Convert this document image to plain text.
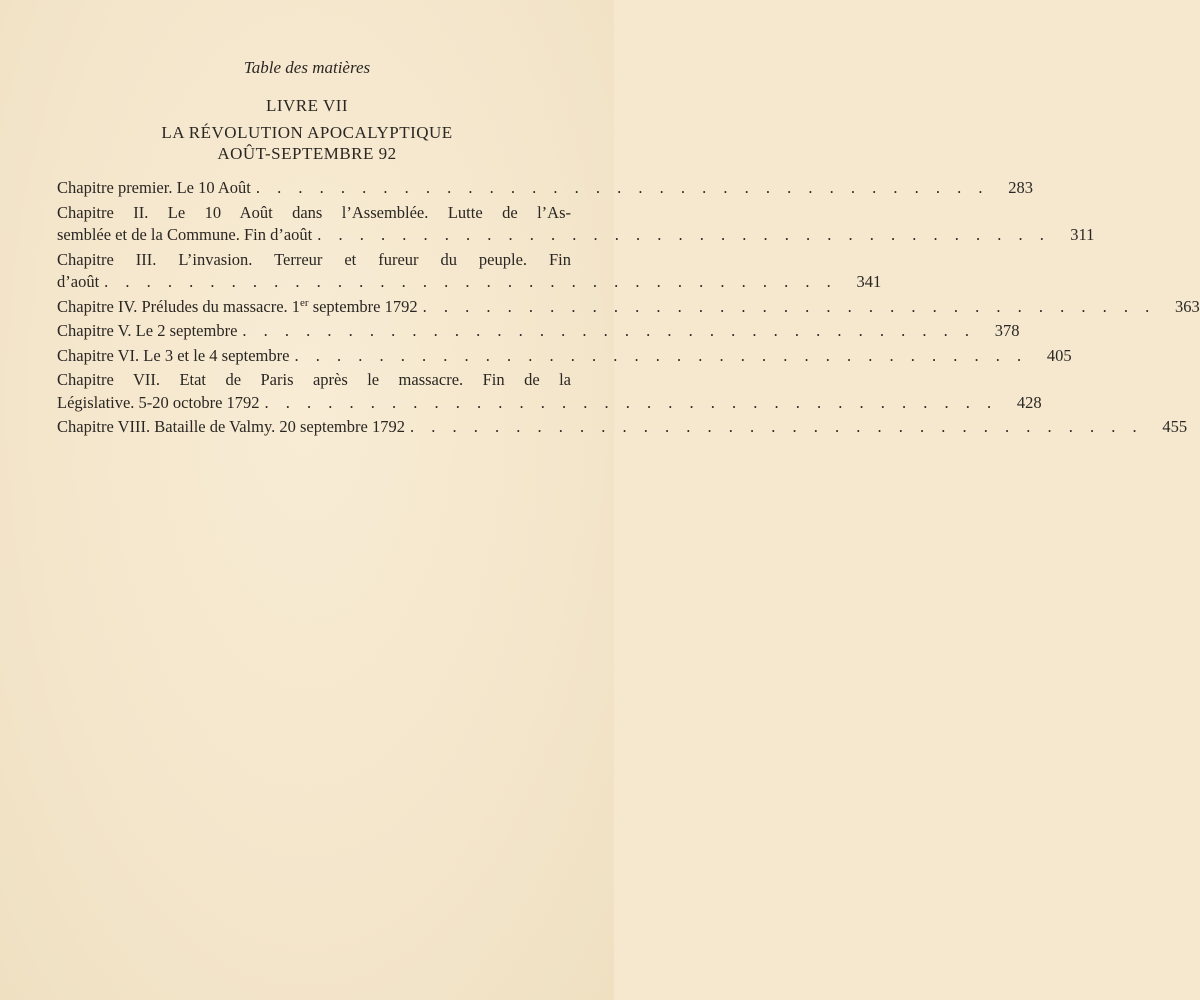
Table des matières
LIVRE VII
LA RÉVOLUTION APOCALYPTIQUE
AOÛT-SEPTEMBRE 92
Chapitre premier. Le 10 Août . . . . . . . . . . . . . . . . . . . . . . . . . . . . . . . . . . .	283
Chapitre II. Le 10 Août dans l’Assemblée. Lutte de l’As-
semblée et de la Commune. Fin d’août . . . . . . . . . . . . . . . . . . . . . . . . . . . . . . . . . . .	311
Chapitre III. L’invasion. Terreur et fureur du peuple. Fin
d’août . . . . . . . . . . . . . . . . . . . . . . . . . . . . . . . . . . .	341
Chapitre IV. Préludes du massacre. 1er septembre 1792 . . . . . . . . . . . . . . . . . . . . . . . . . . . . . . . . . . .	363
Chapitre V. Le 2 septembre . . . . . . . . . . . . . . . . . . . . . . . . . . . . . . . . . . .	378
Chapitre VI. Le 3 et le 4 septembre . . . . . . . . . . . . . . . . . . . . . . . . . . . . . . . . . . .	405
Chapitre VII. Etat de Paris après le massacre. Fin de la
Législative. 5-20 octobre 1792 . . . . . . . . . . . . . . . . . . . . . . . . . . . . . . . . . . .	428
Chapitre VIII. Bataille de Valmy. 20 septembre 1792 . . . . . . . . . . . . . . . . . . . . . . . . . . . . . . . . . . .	455
